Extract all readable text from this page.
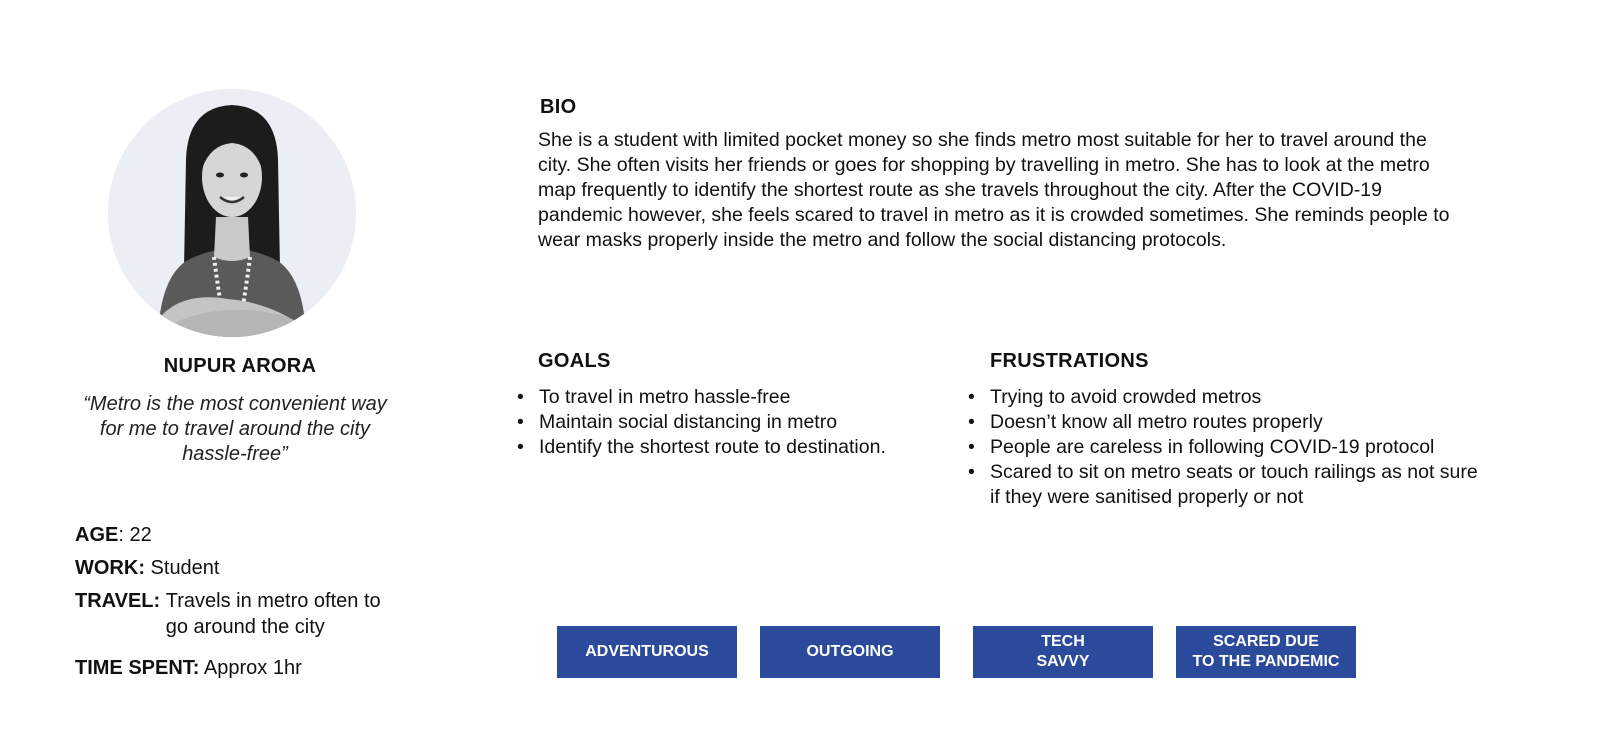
NUPUR ARORA
“Metro is the most convenient way for me to travel around the city hassle-free”
AGE: 22
WORK: Student
TRAVEL: Travels in metro often to go around the city
TIME SPENT: Approx 1hr
BIO
She is a student with limited pocket money so she finds metro most suitable for her to travel around the city. She often visits her friends or goes for shopping by travelling in metro. She has to look at the metro map frequently to identify the shortest route as she travels throughout the city. After the COVID-19 pandemic however, she feels scared to travel in metro as it is crowded sometimes. She reminds people to wear masks properly inside the metro and follow the social distancing protocols.
GOALS
• To travel in metro hassle-free
• Maintain social distancing in metro
• Identify the shortest route to destination.
FRUSTRATIONS
• Trying to avoid crowded metros
• Doesn’t know all metro routes properly
• People are careless in following COVID-19 protocol
• Scared to sit on metro seats or touch railings as not sure if they were sanitised properly or not
ADVENTUROUS	OUTGOING
TECH
SAVVY
SCARED DUE
TO THE PANDEMIC
